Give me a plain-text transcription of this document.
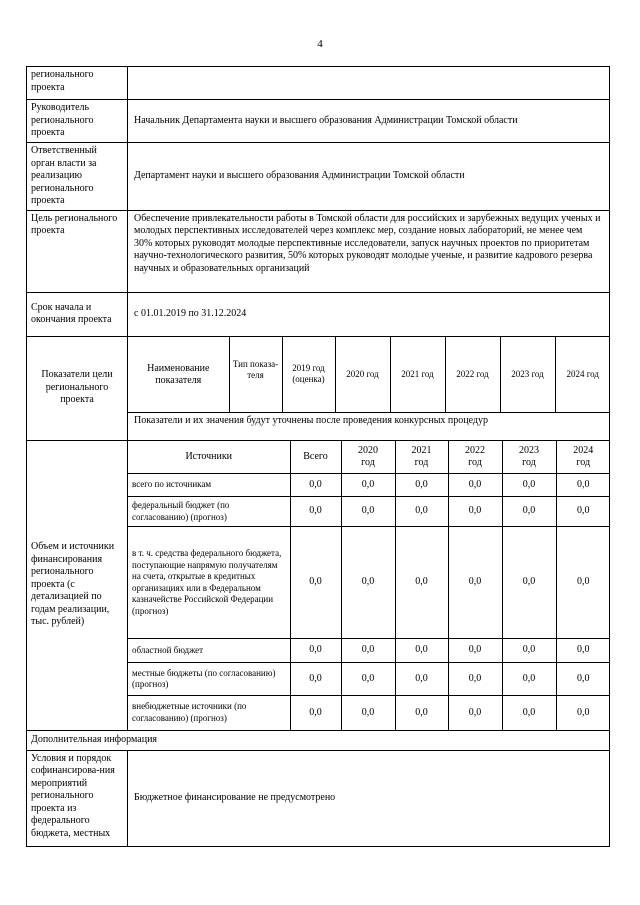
4
регионального проекта	
Руководитель регионального проекта	Начальник Департамента науки и высшего образования Администрации Томской области
Ответственный орган власти за реализацию регионального проекта	Департамент науки и высшего образования Администрации Томской области
Цель регионального проекта	Обеспечение привлекательности работы в Томской области для российских и зарубежных ведущих ученых и молодых перспективных исследователей через комплекс мер, создание новых лабораторий, не менее чем 30% которых руководят молодые перспективные исследователи, запуск научных проектов по приоритетам научно-технологического развития, 50% которых руководят молодые ученые, и развитие кадрового резерва научных и образовательных организаций
Срок начала и окончания проекта	с 01.01.2019 по 31.12.2024
Показатели цели регионального проекта	
Наименование показателя	Тип показа-теля	2019 год (оценка)	2020 год	2021 год	2022 год	2023 год	2024 год
Показатели и их значения будут уточнены после проведения конкурсных процедур

Объем и источники финансирования регионального проекта (с детализацией по годам реализации, тыс. рублей)	
Источники	Всего	2020 год	2021 год	2022 год	2023 год	2024 год
всего по источникам	0,0	0,0	0,0	0,0	0,0	0,0
федеральный бюджет (по согласованию) (прогноз)	0,0	0,0	0,0	0,0	0,0	0,0
в т. ч. средства федерального бюджета, поступающие напрямую получателям на счета, открытые в кредитных организациях или в Федеральном казначействе Российской Федерации (прогноз)	0,0	0,0	0,0	0,0	0,0	0,0
областной бюджет	0,0	0,0	0,0	0,0	0,0	0,0
местные бюджеты (по согласованию) (прогноз)	0,0	0,0	0,0	0,0	0,0	0,0
внебюджетные источники (по согласованию) (прогноз)	0,0	0,0	0,0	0,0	0,0	0,0

Дополнительная информация
Условия и порядок софинансирова-ния мероприятий регионального проекта из федерального бюджета, местных	Бюджетное финансирование не предусмотрено
